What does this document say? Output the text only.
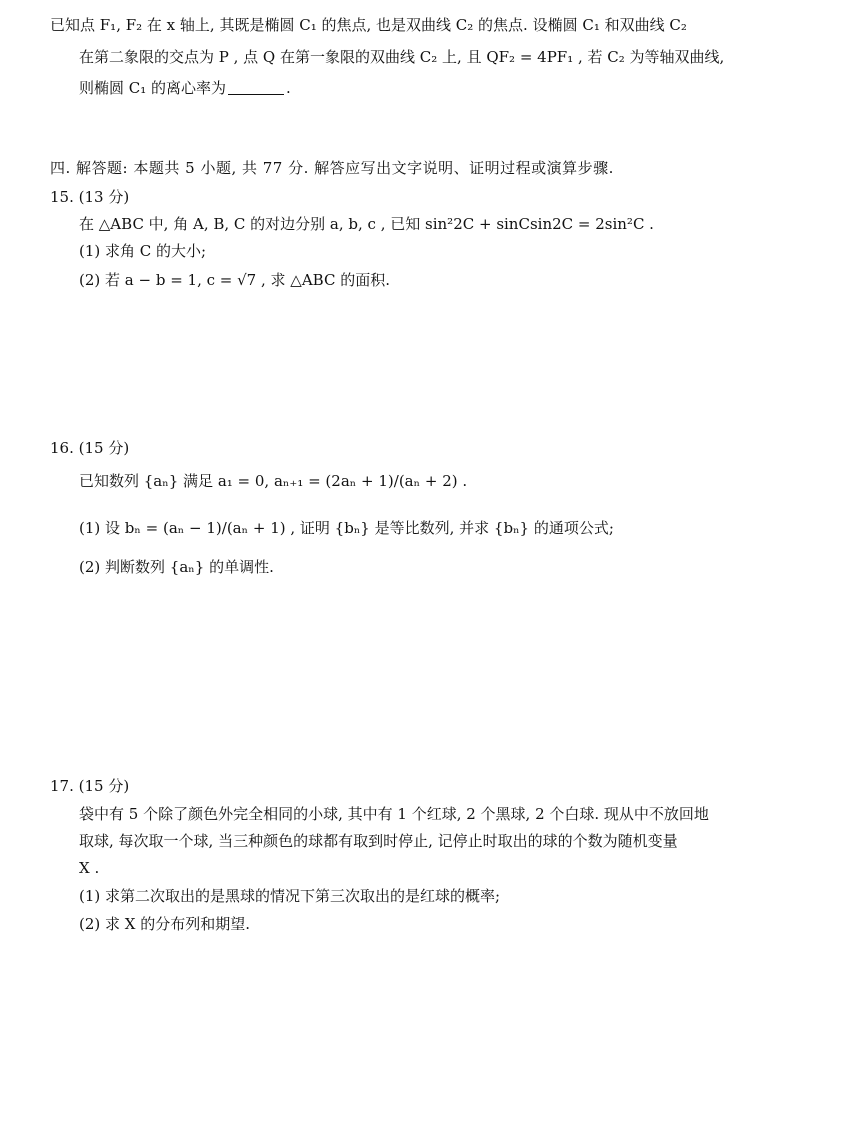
已知点 F₁, F₂ 在 x 轴上, 其既是椭圆 C₁ 的焦点, 也是双曲线 C₂ 的焦点. 设椭圆 C₁ 和双曲线 C₂
在第二象限的交点为 P , 点 Q 在第一象限的双曲线 C₂ 上, 且 QF₂ = 4PF₁ , 若 C₂ 为等轴双曲线,
则椭圆 C₁ 的离心率为	.
四. 解答题: 本题共 5 小题, 共 77 分. 解答应写出文字说明、证明过程或演算步骤.
15. (13 分)
在 △ABC 中, 角 A, B, C 的对边分别 a, b, c , 已知 sin²2C + sinCsin2C = 2sin²C .
(1) 求角 C 的大小;
(2) 若 a − b = 1, c = √7 , 求 △ABC 的面积.
16. (15 分)
已知数列 {aₙ} 满足 a₁ = 0, aₙ₊₁ = (2aₙ + 1)/(aₙ + 2) .
(1) 设 bₙ = (aₙ − 1)/(aₙ + 1) , 证明 {bₙ} 是等比数列, 并求 {bₙ} 的通项公式;
(2) 判断数列 {aₙ} 的单调性.
17. (15 分)
袋中有 5 个除了颜色外完全相同的小球, 其中有 1 个红球, 2 个黑球, 2 个白球. 现从中不放回地
取球, 每次取一个球, 当三种颜色的球都有取到时停止, 记停止时取出的球的个数为随机变量
X .
(1) 求第二次取出的是黑球的情况下第三次取出的是红球的概率;
(2) 求 X 的分布列和期望.
